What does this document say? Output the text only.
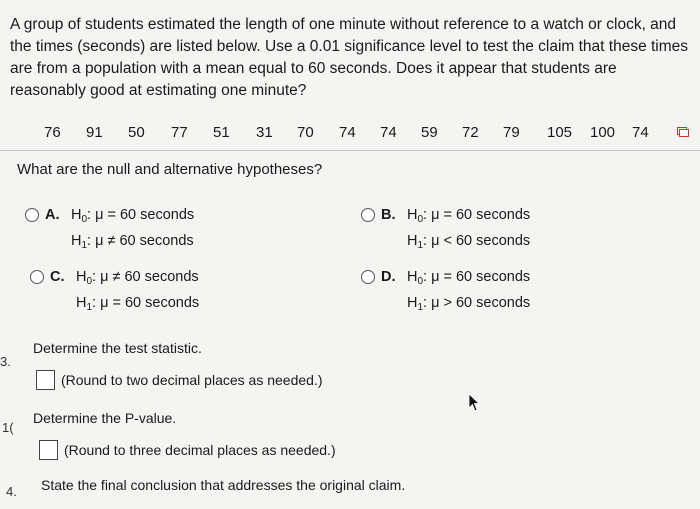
A group of students estimated the length of one minute without reference to a watch or clock, and the times (seconds) are listed below. Use a 0.01 significance level to test the claim that these times are from a population with a mean equal to 60 seconds. Does it appear that students are reasonably good at estimating one minute?
76 91 50 77 51 31 70 74 74 59 72 79 105 100 74
What are the null and alternative hypotheses?
A. $H_0$: μ = 60 seconds
$H_1$: μ ≠ 60 seconds
B. $H_0$: μ = 60 seconds
$H_1$: μ < 60 seconds
C. $H_0$: μ ≠ 60 seconds
$H_1$: μ = 60 seconds
D. $H_0$: μ = 60 seconds
$H_1$: μ > 60 seconds
Determine the test statistic.
(Round to two decimal places as needed.)
Determine the P-value.
(Round to three decimal places as needed.)
State the final conclusion that addresses the original claim.
3.
1(
4.
